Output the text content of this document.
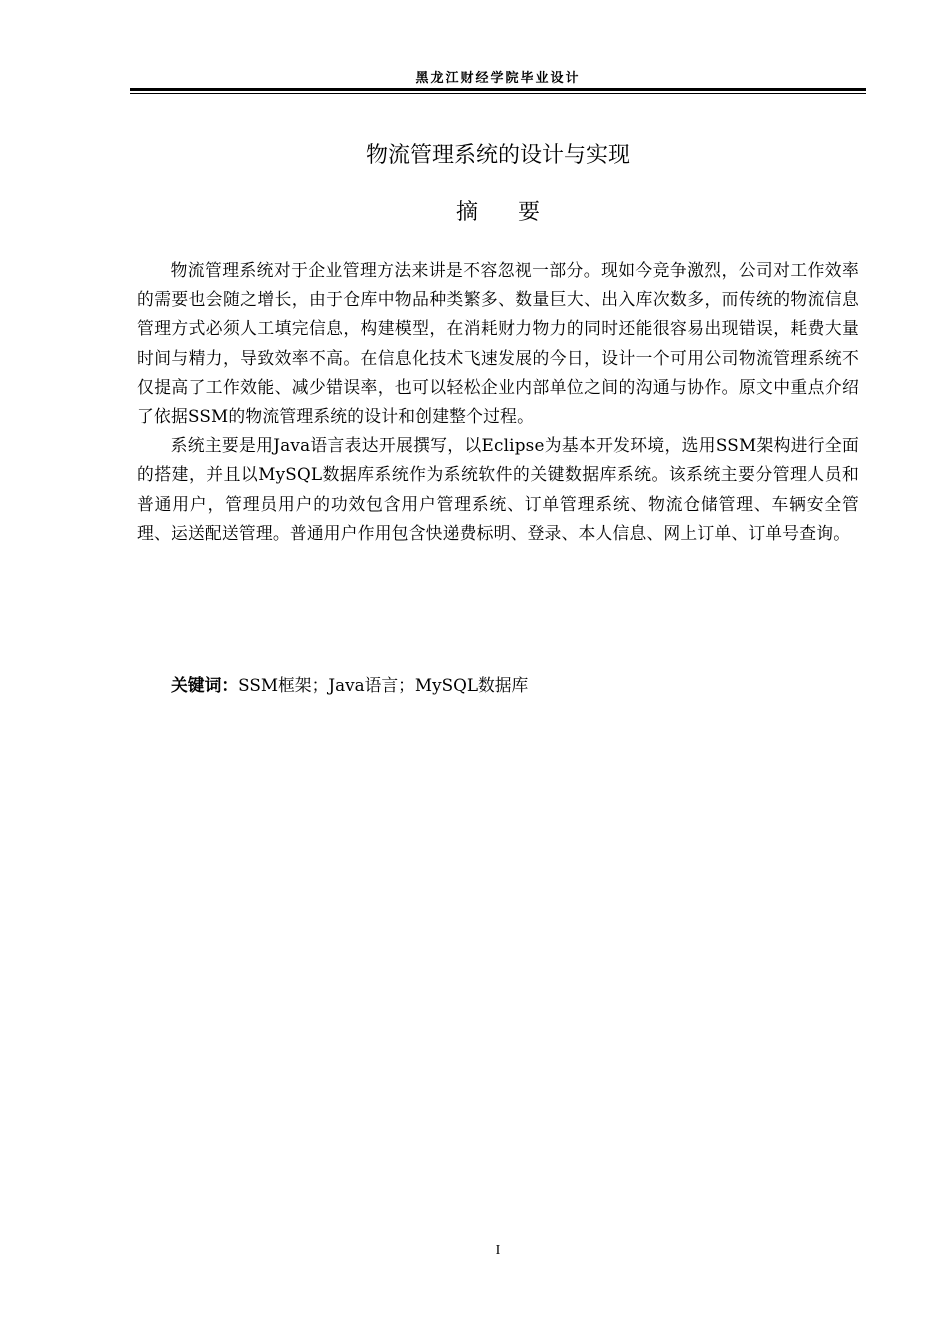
黑龙江财经学院毕业设计
物流管理系统的设计与实现
摘要

物流管理系统对于企业管理方法来讲是不容忽视一部分。现如今竞争激烈，公司对工作效率的需要也会随之增长，由于仓库中物品种类繁多、数量巨大、出入库次数多，而传统的物流信息管理方式必须人工填完信息，构建模型，在消耗财力物力的同时还能很容易出现错误，耗费大量时间与精力，导致效率不高。在信息化技术飞速发展的今日，设计一个可用公司物流管理系统不仅提高了工作效能、减少错误率，也可以轻松企业内部单位之间的沟通与协作。原文中重点介绍了依据SSM的物流管理系统的设计和创建整个过程。

系统主要是用Java语言表达开展撰写，以Eclipse为基本开发环境，选用SSM架构进行全面的搭建，并且以MySQL数据库系统作为系统软件的关键数据库系统。该系统主要分管理人员和普通用户，管理员用户的功效包含用户管理系统、订单管理系统、物流仓储管理、车辆安全管理、运送配送管理。普通用户作用包含快递费标明、登录、本人信息、网上订单、订单号查询。

关键词：SSM框架；Java语言；MySQL数据库
I
